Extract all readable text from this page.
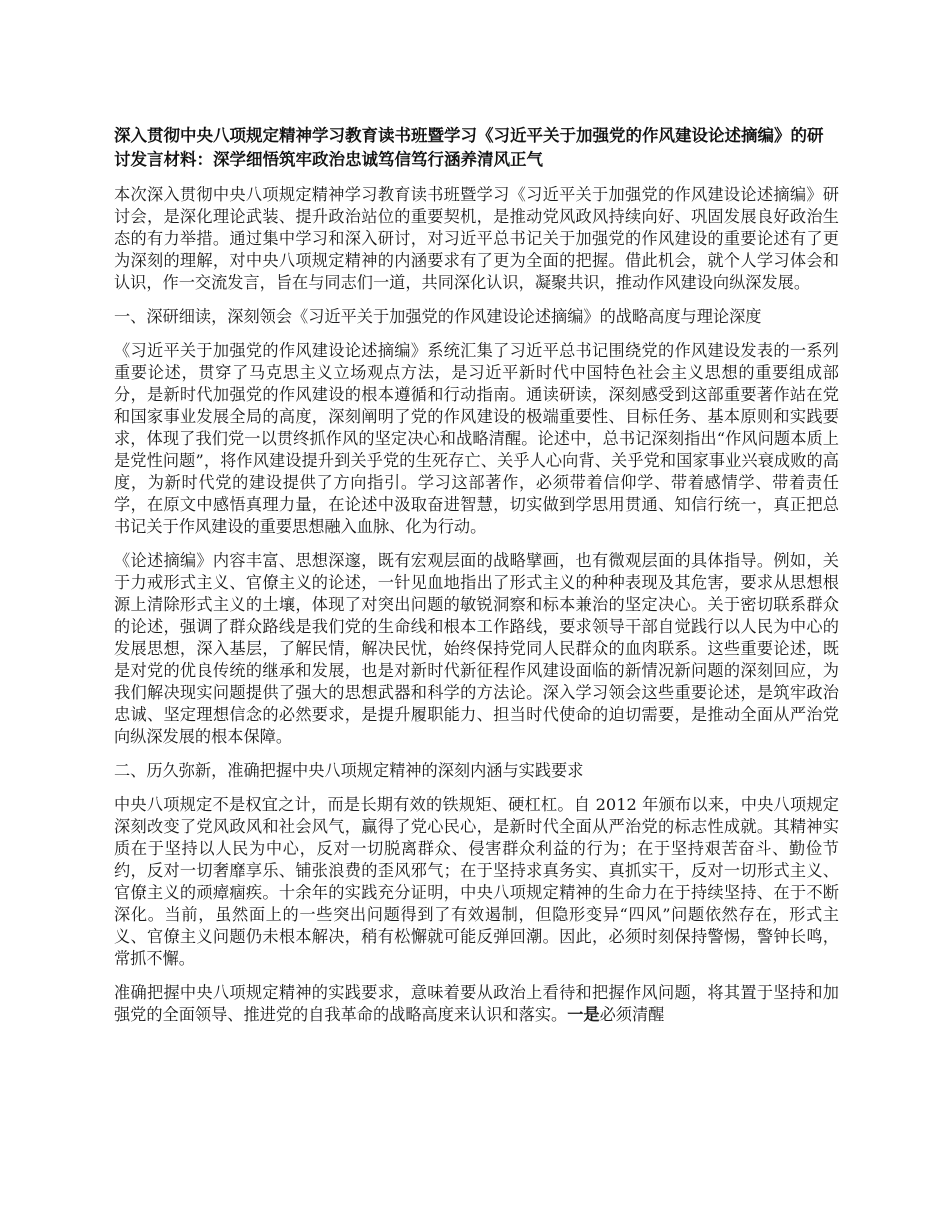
深入贯彻中央八项规定精神学习教育读书班暨学习《习近平关于加强党的作风建设论述摘编》的研讨发言材料：深学细悟筑牢政治忠诚笃信笃行涵养清风正气

本次深入贯彻中央八项规定精神学习教育读书班暨学习《习近平关于加强党的作风建设论述摘编》研讨会，是深化理论武装、提升政治站位的重要契机，是推动党风政风持续向好、巩固发展良好政治生态的有力举措。通过集中学习和深入研讨，对习近平总书记关于加强党的作风建设的重要论述有了更为深刻的理解，对中央八项规定精神的内涵要求有了更为全面的把握。借此机会，就个人学习体会和认识，作一交流发言，旨在与同志们一道，共同深化认识，凝聚共识，推动作风建设向纵深发展。

一、深研细读，深刻领会《习近平关于加强党的作风建设论述摘编》的战略高度与理论深度

《习近平关于加强党的作风建设论述摘编》系统汇集了习近平总书记围绕党的作风建设发表的一系列重要论述，贯穿了马克思主义立场观点方法，是习近平新时代中国特色社会主义思想的重要组成部分，是新时代加强党的作风建设的根本遵循和行动指南。通读研读，深刻感受到这部重要著作站在党和国家事业发展全局的高度，深刻阐明了党的作风建设的极端重要性、目标任务、基本原则和实践要求，体现了我们党一以贯终抓作风的坚定决心和战略清醒。论述中，总书记深刻指出“作风问题本质上是党性问题”，将作风建设提升到关乎党的生死存亡、关乎人心向背、关乎党和国家事业兴衰成败的高度，为新时代党的建设提供了方向指引。学习这部著作，必须带着信仰学、带着感情学、带着责任学，在原文中感悟真理力量，在论述中汲取奋进智慧，切实做到学思用贯通、知信行统一，真正把总书记关于作风建设的重要思想融入血脉、化为行动。

《论述摘编》内容丰富、思想深邃，既有宏观层面的战略擘画，也有微观层面的具体指导。例如，关于力戒形式主义、官僚主义的论述，一针见血地指出了形式主义的种种表现及其危害，要求从思想根源上清除形式主义的土壤，体现了对突出问题的敏锐洞察和标本兼治的坚定决心。关于密切联系群众的论述，强调了群众路线是我们党的生命线和根本工作路线，要求领导干部自觉践行以人民为中心的发展思想，深入基层，了解民情，解决民忧，始终保持党同人民群众的血肉联系。这些重要论述，既是对党的优良传统的继承和发展，也是对新时代新征程作风建设面临的新情况新问题的深刻回应，为我们解决现实问题提供了强大的思想武器和科学的方法论。深入学习领会这些重要论述，是筑牢政治忠诚、坚定理想信念的必然要求，是提升履职能力、担当时代使命的迫切需要，是推动全面从严治党向纵深发展的根本保障。

二、历久弥新，准确把握中央八项规定精神的深刻内涵与实践要求

中央八项规定不是权宜之计，而是长期有效的铁规矩、硬杠杠。自 2012 年颁布以来，中央八项规定深刻改变了党风政风和社会风气，赢得了党心民心，是新时代全面从严治党的标志性成就。其精神实质在于坚持以人民为中心，反对一切脱离群众、侵害群众利益的行为；在于坚持艰苦奋斗、勤俭节约，反对一切奢靡享乐、铺张浪费的歪风邪气；在于坚持求真务实、真抓实干，反对一切形式主义、官僚主义的顽瘴痼疾。十余年的实践充分证明，中央八项规定精神的生命力在于持续坚持、在于不断深化。当前，虽然面上的一些突出问题得到了有效遏制，但隐形变异“四风”问题依然存在，形式主义、官僚主义问题仍未根本解决，稍有松懈就可能反弹回潮。因此，必须时刻保持警惕，警钟长鸣，常抓不懈。

准确把握中央八项规定精神的实践要求，意味着要从政治上看待和把握作风问题，将其置于坚持和加强党的全面领导、推进党的自我革命的战略高度来认识和落实。一是必须清醒
